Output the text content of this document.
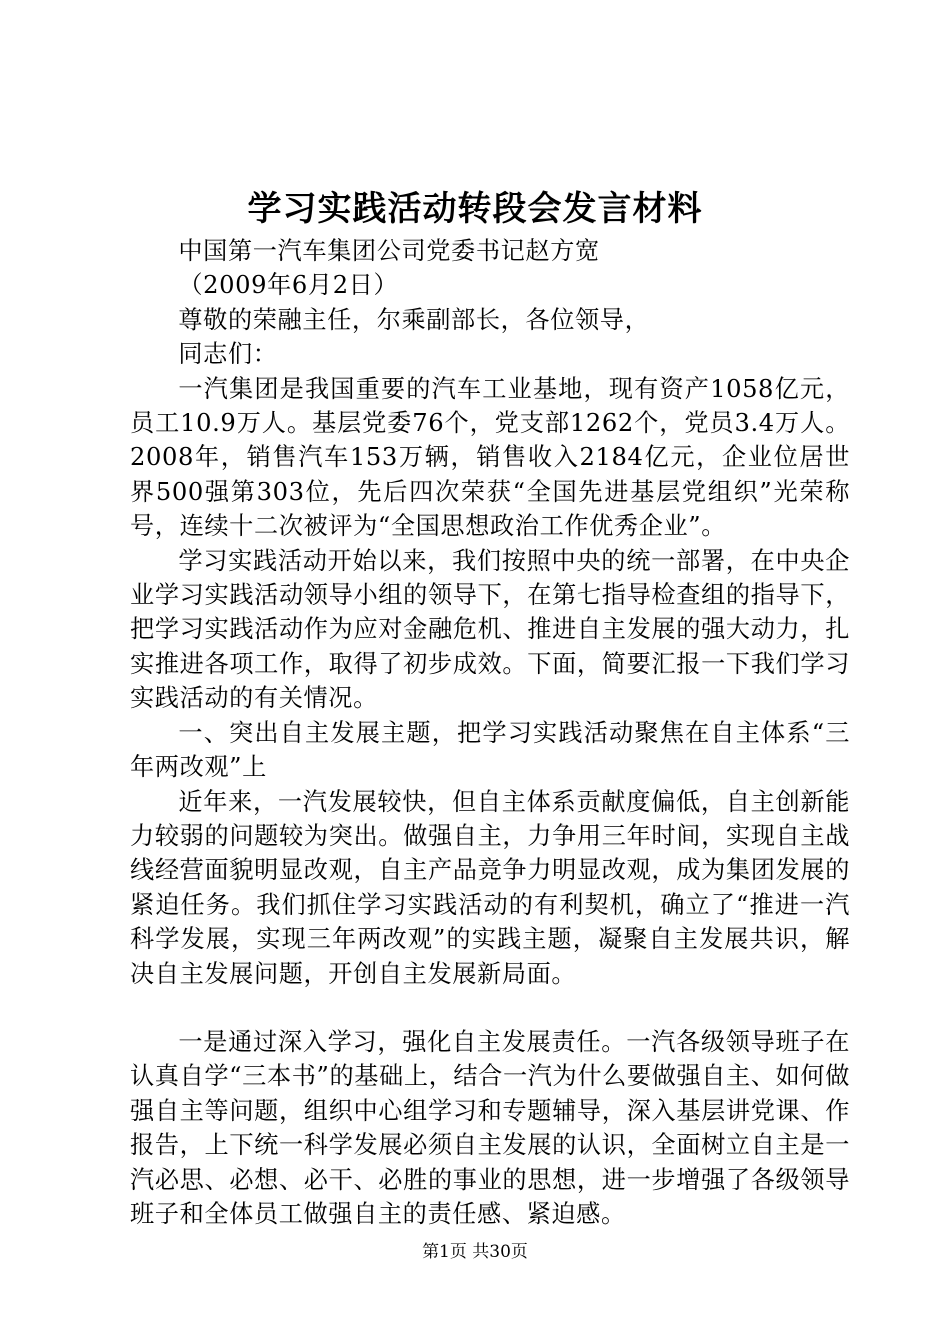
学习实践活动转段会发言材料

中国第一汽车集团公司党委书记赵方宽

（2009年6月2日）

尊敬的荣融主任，尔乘副部长，各位领导，

同志们：

一汽集团是我国重要的汽车工业基地，现有资产1058亿元，员工10.9万人。基层党委76个，党支部1262个，党员3.4万人。2008年，销售汽车153万辆，销售收入2184亿元，企业位居世界500强第303位，先后四次荣获“全国先进基层党组织”光荣称号，连续十二次被评为“全国思想政治工作优秀企业”。

学习实践活动开始以来，我们按照中央的统一部署，在中央企业学习实践活动领导小组的领导下，在第七指导检查组的指导下，把学习实践活动作为应对金融危机、推进自主发展的强大动力，扎实推进各项工作，取得了初步成效。下面，简要汇报一下我们学习实践活动的有关情况。

一、突出自主发展主题，把学习实践活动聚焦在自主体系“三年两改观”上

近年来，一汽发展较快，但自主体系贡献度偏低，自主创新能力较弱的问题较为突出。做强自主，力争用三年时间，实现自主战线经营面貌明显改观，自主产品竞争力明显改观，成为集团发展的紧迫任务。我们抓住学习实践活动的有利契机，确立了“推进一汽科学发展，实现三年两改观”的实践主题，凝聚自主发展共识，解决自主发展问题，开创自主发展新局面。

一是通过深入学习，强化自主发展责任。一汽各级领导班子在认真自学“三本书”的基础上，结合一汽为什么要做强自主、如何做强自主等问题，组织中心组学习和专题辅导，深入基层讲党课、作报告，上下统一科学发展必须自主发展的认识，全面树立自主是一汽必思、必想、必干、必胜的事业的思想，进一步增强了各级领导班子和全体员工做强自主的责任感、紧迫感。

第1页 共30页
